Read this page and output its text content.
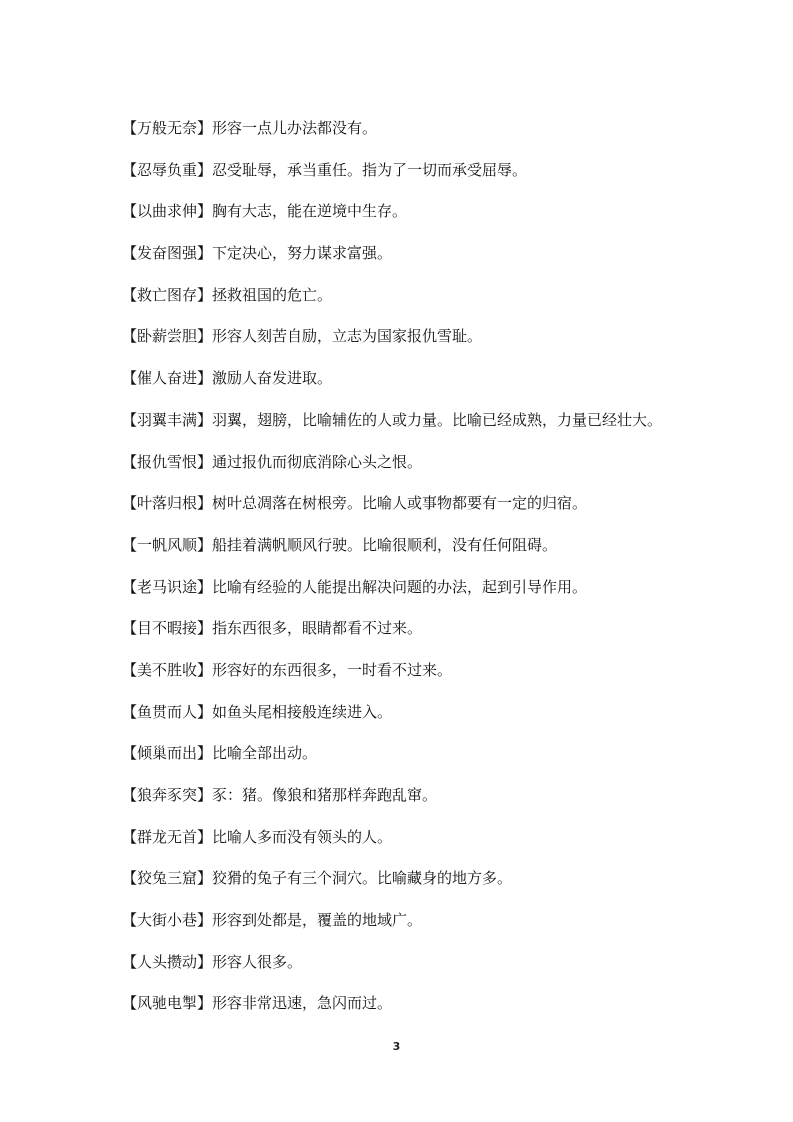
【万般无奈】形容一点儿办法都没有。
【忍辱负重】忍受耻辱，承当重任。指为了一切而承受屈辱。
【以曲求伸】胸有大志，能在逆境中生存。
【发奋图强】下定决心，努力谋求富强。
【救亡图存】拯救祖国的危亡。
【卧薪尝胆】形容人刻苦自励，立志为国家报仇雪耻。
【催人奋进】激励人奋发进取。
【羽翼丰满】羽翼，翅膀，比喻辅佐的人或力量。比喻已经成熟，力量已经壮大。
【报仇雪恨】通过报仇而彻底消除心头之恨。
【叶落归根】树叶总凋落在树根旁。比喻人或事物都要有一定的归宿。
【一帆风顺】船挂着满帆顺风行驶。比喻很顺利，没有任何阻碍。
【老马识途】比喻有经验的人能提出解决问题的办法，起到引导作用。
【目不暇接】指东西很多，眼睛都看不过来。
【美不胜收】形容好的东西很多，一时看不过来。
【鱼贯而人】如鱼头尾相接般连续进入。
【倾巢而出】比喻全部出动。
【狼奔豕突】豕：猪。像狼和猪那样奔跑乱窜。
【群龙无首】比喻人多而没有领头的人。
【狡兔三窟】狡猾的兔子有三个洞穴。比喻藏身的地方多。
【大街小巷】形容到处都是，覆盖的地域广。
【人头攒动】形容人很多。
【风驰电掣】形容非常迅速，急闪而过。
3
